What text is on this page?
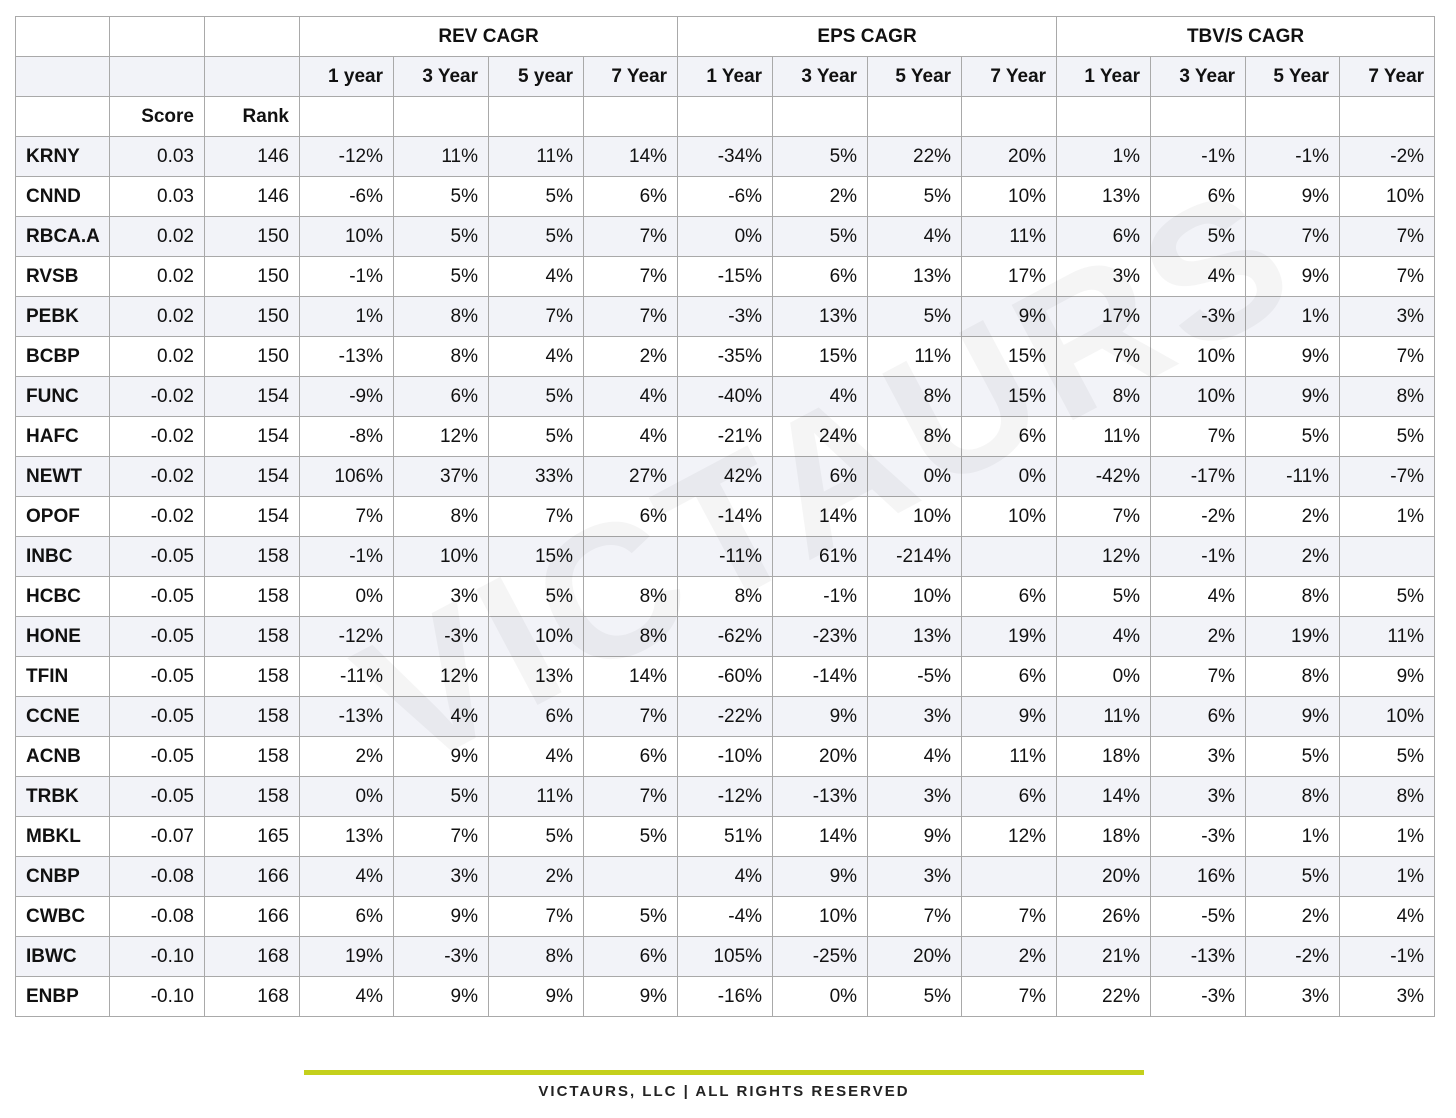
			REV CAGR				EPS CAGR				TBV/S CAGR			
			1 year	3 Year	5 year	7 Year	1 Year	3 Year	5 Year	7 Year	1 Year	3 Year	5 Year	7 Year
	Score	Rank												
KRNY	0.03	146	-12%	11%	11%	14%	-34%	5%	22%	20%	1%	-1%	-1%	-2%
CNND	0.03	146	-6%	5%	5%	6%	-6%	2%	5%	10%	13%	6%	9%	10%
RBCA.A	0.02	150	10%	5%	5%	7%	0%	5%	4%	11%	6%	5%	7%	7%
RVSB	0.02	150	-1%	5%	4%	7%	-15%	6%	13%	17%	3%	4%	9%	7%
PEBK	0.02	150	1%	8%	7%	7%	-3%	13%	5%	9%	17%	-3%	1%	3%
BCBP	0.02	150	-13%	8%	4%	2%	-35%	15%	11%	15%	7%	10%	9%	7%
FUNC	-0.02	154	-9%	6%	5%	4%	-40%	4%	8%	15%	8%	10%	9%	8%
HAFC	-0.02	154	-8%	12%	5%	4%	-21%	24%	8%	6%	11%	7%	5%	5%
NEWT	-0.02	154	106%	37%	33%	27%	42%	6%	0%	0%	-42%	-17%	-11%	-7%
OPOF	-0.02	154	7%	8%	7%	6%	-14%	14%	10%	10%	7%	-2%	2%	1%
INBC	-0.05	158	-1%	10%	15%		-11%	61%	-214%		12%	-1%	2%	
HCBC	-0.05	158	0%	3%	5%	8%	8%	-1%	10%	6%	5%	4%	8%	5%
HONE	-0.05	158	-12%	-3%	10%	8%	-62%	-23%	13%	19%	4%	2%	19%	11%
TFIN	-0.05	158	-11%	12%	13%	14%	-60%	-14%	-5%	6%	0%	7%	8%	9%
CCNE	-0.05	158	-13%	4%	6%	7%	-22%	9%	3%	9%	11%	6%	9%	10%
ACNB	-0.05	158	2%	9%	4%	6%	-10%	20%	4%	11%	18%	3%	5%	5%
TRBK	-0.05	158	0%	5%	11%	7%	-12%	-13%	3%	6%	14%	3%	8%	8%
MBKL	-0.07	165	13%	7%	5%	5%	51%	14%	9%	12%	18%	-3%	1%	1%
CNBP	-0.08	166	4%	3%	2%		4%	9%	3%		20%	16%	5%	1%
CWBC	-0.08	166	6%	9%	7%	5%	-4%	10%	7%	7%	26%	-5%	2%	4%
IBWC	-0.10	168	19%	-3%	8%	6%	105%	-25%	20%	2%	21%	-13%	-2%	-1%
ENBP	-0.10	168	4%	9%	9%	9%	-16%	0%	5%	7%	22%	-3%	3%	3%
VICTAURS, LLC | ALL RIGHTS RESERVED
